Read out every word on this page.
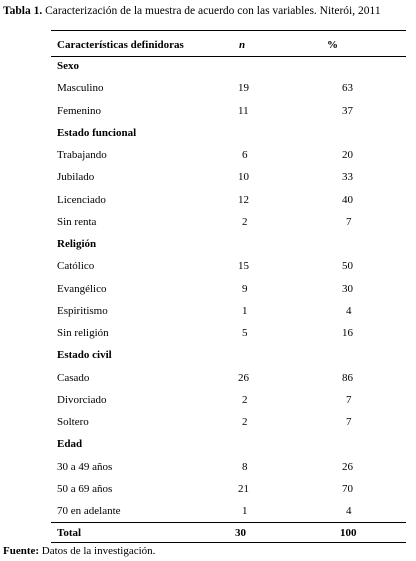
Tabla 1. Caracterización de la muestra de acuerdo con las variables. Niterói, 2011
Características definidoras	n	%
Sexo
Masculino	19	63
Femenino	11	37
Estado funcional
Trabajando	6	20
Jubilado	10	33
Licenciado	12	40
Sin renta	2	7
Religión
Católico	15	50
Evangélico	9	30
Espiritismo	1	4
Sin religión	5	16
Estado civil
Casado	26	86
Divorciado	2	7
Soltero	2	7
Edad
30 a 49 años	8	26
50 a 69 años	21	70
70 en adelante	1	4
Total	30	100
Fuente: Datos de la investigación.
